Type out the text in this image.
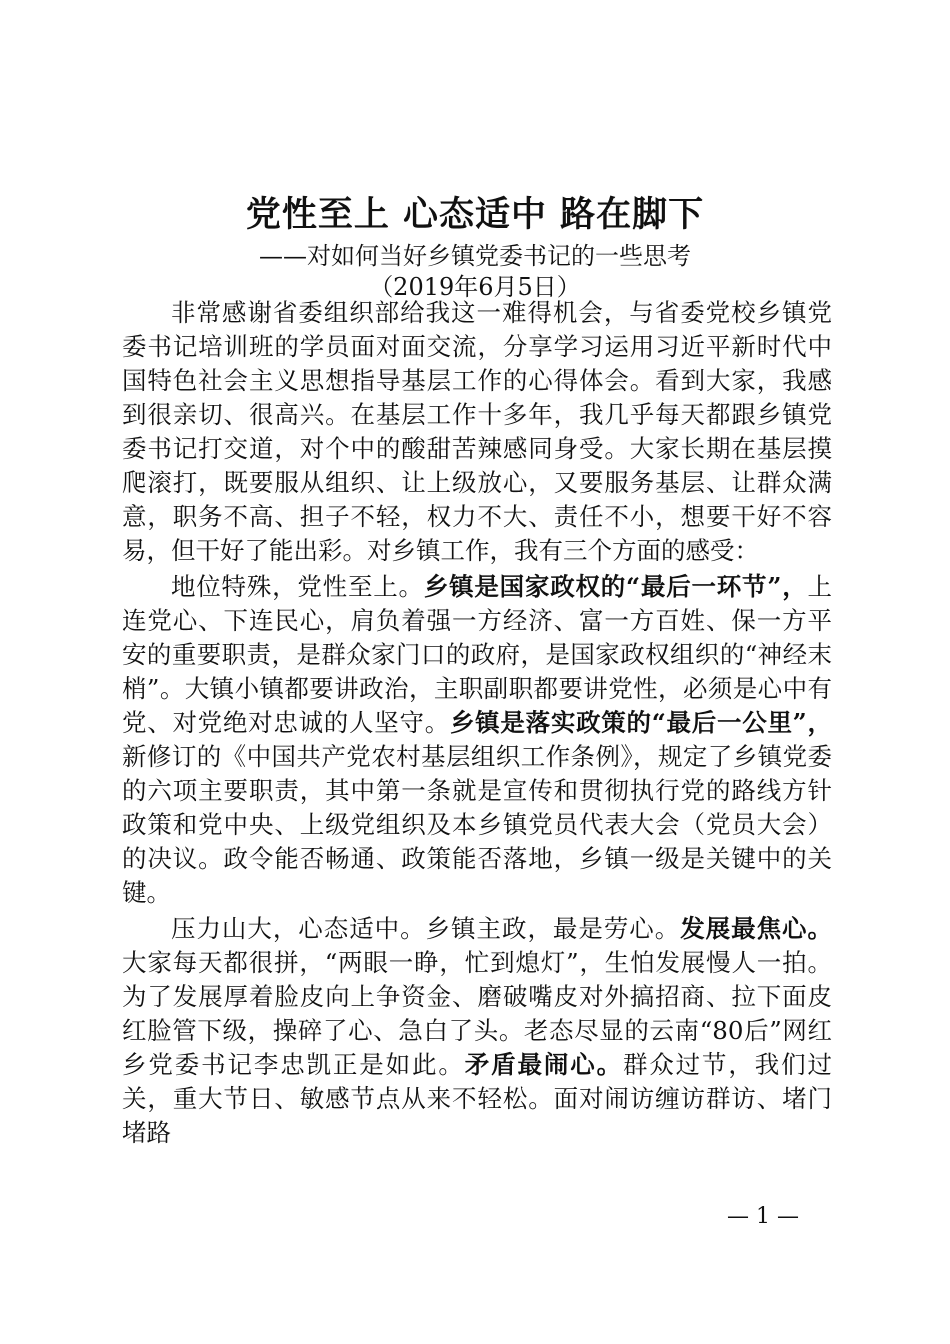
党性至上 心态适中 路在脚下
——对如何当好乡镇党委书记的一些思考
（2019年6月5日）

非常感谢省委组织部给我这一难得机会，与省委党校乡镇党委书记培训班的学员面对面交流，分享学习运用习近平新时代中国特色社会主义思想指导基层工作的心得体会。看到大家，我感到很亲切、很高兴。在基层工作十多年，我几乎每天都跟乡镇党委书记打交道，对个中的酸甜苦辣感同身受。大家长期在基层摸爬滚打，既要服从组织、让上级放心，又要服务基层、让群众满意，职务不高、担子不轻，权力不大、责任不小，想要干好不容易，但干好了能出彩。对乡镇工作，我有三个方面的感受：

地位特殊，党性至上。乡镇是国家政权的“最后一环节”，上连党心、下连民心，肩负着强一方经济、富一方百姓、保一方平安的重要职责，是群众家门口的政府，是国家政权组织的“神经末梢”。大镇小镇都要讲政治，主职副职都要讲党性，必须是心中有党、对党绝对忠诚的人坚守。乡镇是落实政策的“最后一公里”，新修订的《中国共产党农村基层组织工作条例》，规定了乡镇党委的六项主要职责，其中第一条就是宣传和贯彻执行党的路线方针政策和党中央、上级党组织及本乡镇党员代表大会（党员大会）的决议。政令能否畅通、政策能否落地，乡镇一级是关键中的关键。

压力山大，心态适中。乡镇主政，最是劳心。发展最焦心。大家每天都很拼，“两眼一睁，忙到熄灯”，生怕发展慢人一拍。为了发展厚着脸皮向上争资金、磨破嘴皮对外搞招商、拉下面皮红脸管下级，操碎了心、急白了头。老态尽显的云南“80后”网红乡党委书记李忠凯正是如此。矛盾最闹心。群众过节，我们过关，重大节日、敏感节点从来不轻松。面对闹访缠访群访、堵门堵路

— 1 —
